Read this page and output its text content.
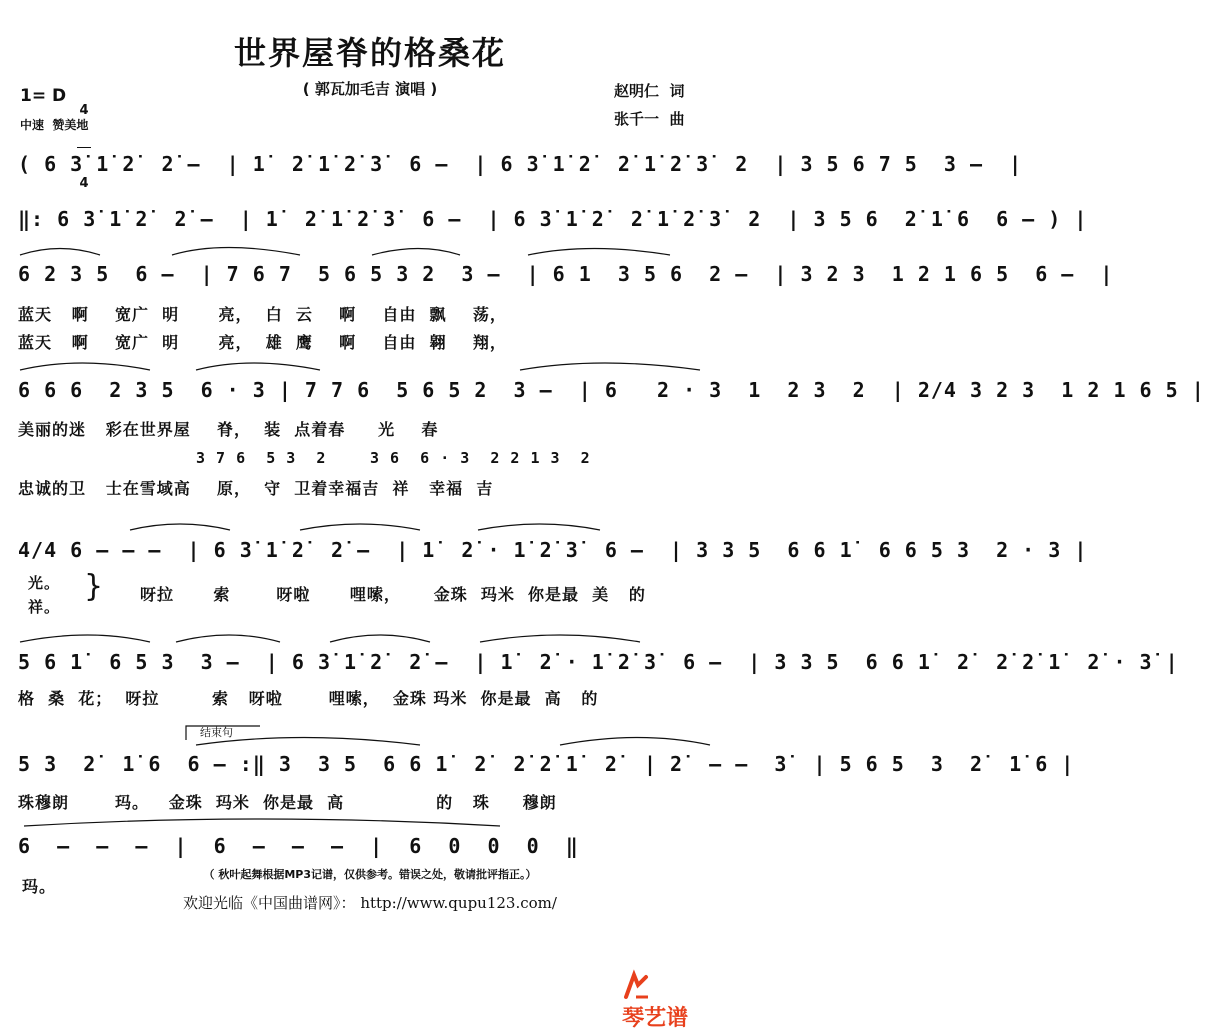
世界屋脊的格桑花
( 郭瓦加毛吉 演唱 )	赵明仁  词
张千一  曲
1= D

4

4

中速  赞美地
( 6 3̇ 1̇ 2̇  2̇ –  | 1̇  2̇ 1̇ 2̇ 3̇  6 –  | 6 3̇ 1̇ 2̇  2̇ 1̇ 2̇ 3̇  2  | 3 5 6 7 5  3 –  |
‖: 6 3̇ 1̇ 2̇  2̇ –  | 1̇  2̇ 1̇ 2̇ 3̇  6 –  | 6 3̇ 1̇ 2̇  2̇ 1̇ 2̇ 3̇  2  | 3 5 6  2̇ 1̇ 6  6 – ) |
6 2 3 5  6 –  | 7 6 7  5 6 5 3 2  3 –  | 6 1  3 5 6  2 –  | 3 2 3  1 2 1 6 5  6 –  |
蓝天   啊    宽广  明      亮，  白  云    啊    自由  飘    荡，
蓝天   啊    宽广  明      亮，  雄  鹰    啊    自由  翱    翔，
6 6 6  2 3 5  6 · 3 | 7 7 6  5 6 5 2  3 –  | 6   2 · 3  1  2 3  2  | 2/4 3 2 3  1 2 1 6 5 |
美丽的迷   彩在世界屋    脊，  装  点着春     光    春
3 7 6  5 3  2	3 6  6 · 3  2 2 1 3  2
忠诚的卫   士在雪域高    原，  守  卫着幸福吉  祥   幸福  吉
4/4 6 – – –  | 6 3̇ 1̇ 2̇  2̇ –  | 1̇  2̇ · 1̇ 2̇ 3̇  6 –  | 3 3 5  6 6 1̇  6 6 5 3  2 · 3 |
光。
祥。
} 呀拉      索       呀啦      哩嗦，     金珠  玛米  你是最  美   的
5 6 1̇  6 5 3  3 –  | 6 3̇ 1̇ 2̇  2̇ –  | 1̇  2̇ · 1̇ 2̇ 3̇  6 –  | 3 3 5  6 6 1̇  2̇  2̇ 2̇ 1̇  2̇ · 3̇ |
格  桑  花；  呀拉        索   呀啦       哩嗦，  金珠 玛米  你是最  高   的
结束句
5 3  2̇  1̇ 6  6 – :‖ 3  3 5  6 6 1̇  2̇  2̇ 2̇ 1̇  2̇  | 2̇  – –  3̇  | 5 6 5  3  2̇  1̇ 6 |
珠穆朗       玛。   金珠  玛米  你是最  高              的   珠     穆朗
6  –  –  –  |  6  –  –  –  |  6  0  0  0  ‖
玛。
（ 秋叶起舞根据MP3记谱，仅供参考。错误之处，敬请批评指正。）
欢迎光临《中国曲谱网》： http://www.qupu123.com/

琴艺谱
